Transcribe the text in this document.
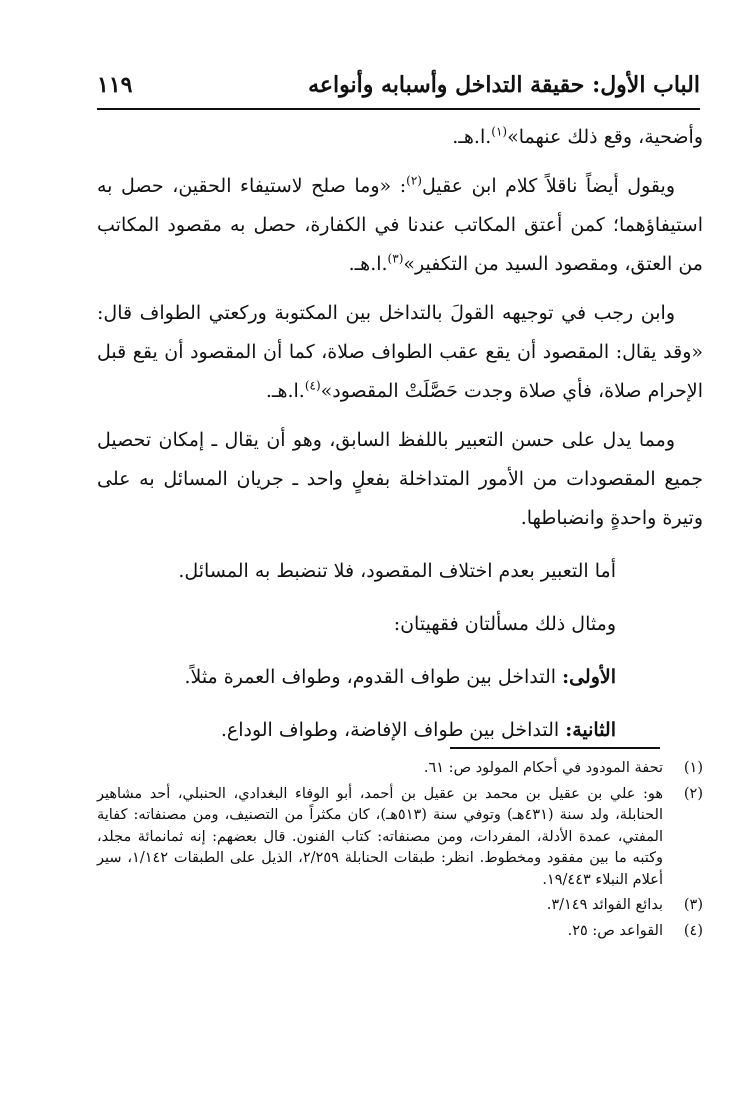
الباب الأول: حقيقة التداخل وأسبابه وأنواعه
١١٩

وأضحية، وقع ذلك عنهما»$^{(١)}$.ا.هـ.

ويقول أيضاً ناقلاً كلام ابن عقيل$^{(٢)}$: «وما صلح لاستيفاء الحقين، حصل به استيفاؤهما؛ كمن أعتق المكاتب عندنا في الكفارة، حصل به مقصود المكاتب من العتق، ومقصود السيد من التكفير»$^{(٣)}$.ا.هـ.

وابن رجب في توجيهه القولَ بالتداخل بين المكتوبة وركعتي الطواف قال: «وقد يقال: المقصود أن يقع عقب الطواف صلاة، كما أن المقصود أن يقع قبل الإحرام صلاة، فأي صلاة وجدت حَصَّلَتْ المقصود»$^{(٤)}$.ا.هـ.

ومما يدل على حسن التعبير باللفظ السابق، وهو أن يقال ـ إمكان تحصيل جميع المقصودات من الأمور المتداخلة بفعلٍ واحد ـ جريان المسائل به على وتيرة واحدةٍ وانضباطها.

أما التعبير بعدم اختلاف المقصود، فلا تنضبط به المسائل.

ومثال ذلك مسألتان فقهيتان:

الأولى: التداخل بين طواف القدوم، وطواف العمرة مثلاً.

الثانية: التداخل بين طواف الإفاضة، وطواف الوداع.

(١)
تحفة المودود في أحكام المولود ص: ٦١.
(٢)
هو: علي بن عقيل بن محمد بن عقيل بن أحمد، أبو الوفاء البغدادي، الحنبلي، أحد مشاهير الحنابلة، ولد سنة (٤٣١هـ) وتوفي سنة (٥١٣هـ)، كان مكثراً من التصنيف، ومن مصنفاته: كفاية المفتي، عمدة الأدلة، المفردات، ومن مصنفاته: كتاب الفنون. قال بعضهم: إنه ثمانمائة مجلد، وكتبه ما بين مفقود ومخطوط. انظر: طبقات الحنابلة ٢/٢٥٩، الذيل على الطبقات ١/١٤٢، سير أعلام النبلاء ١٩/٤٤٣.
(٣)
بدائع الفوائد ٣/١٤٩.
(٤)
القواعد ص: ٢٥.
